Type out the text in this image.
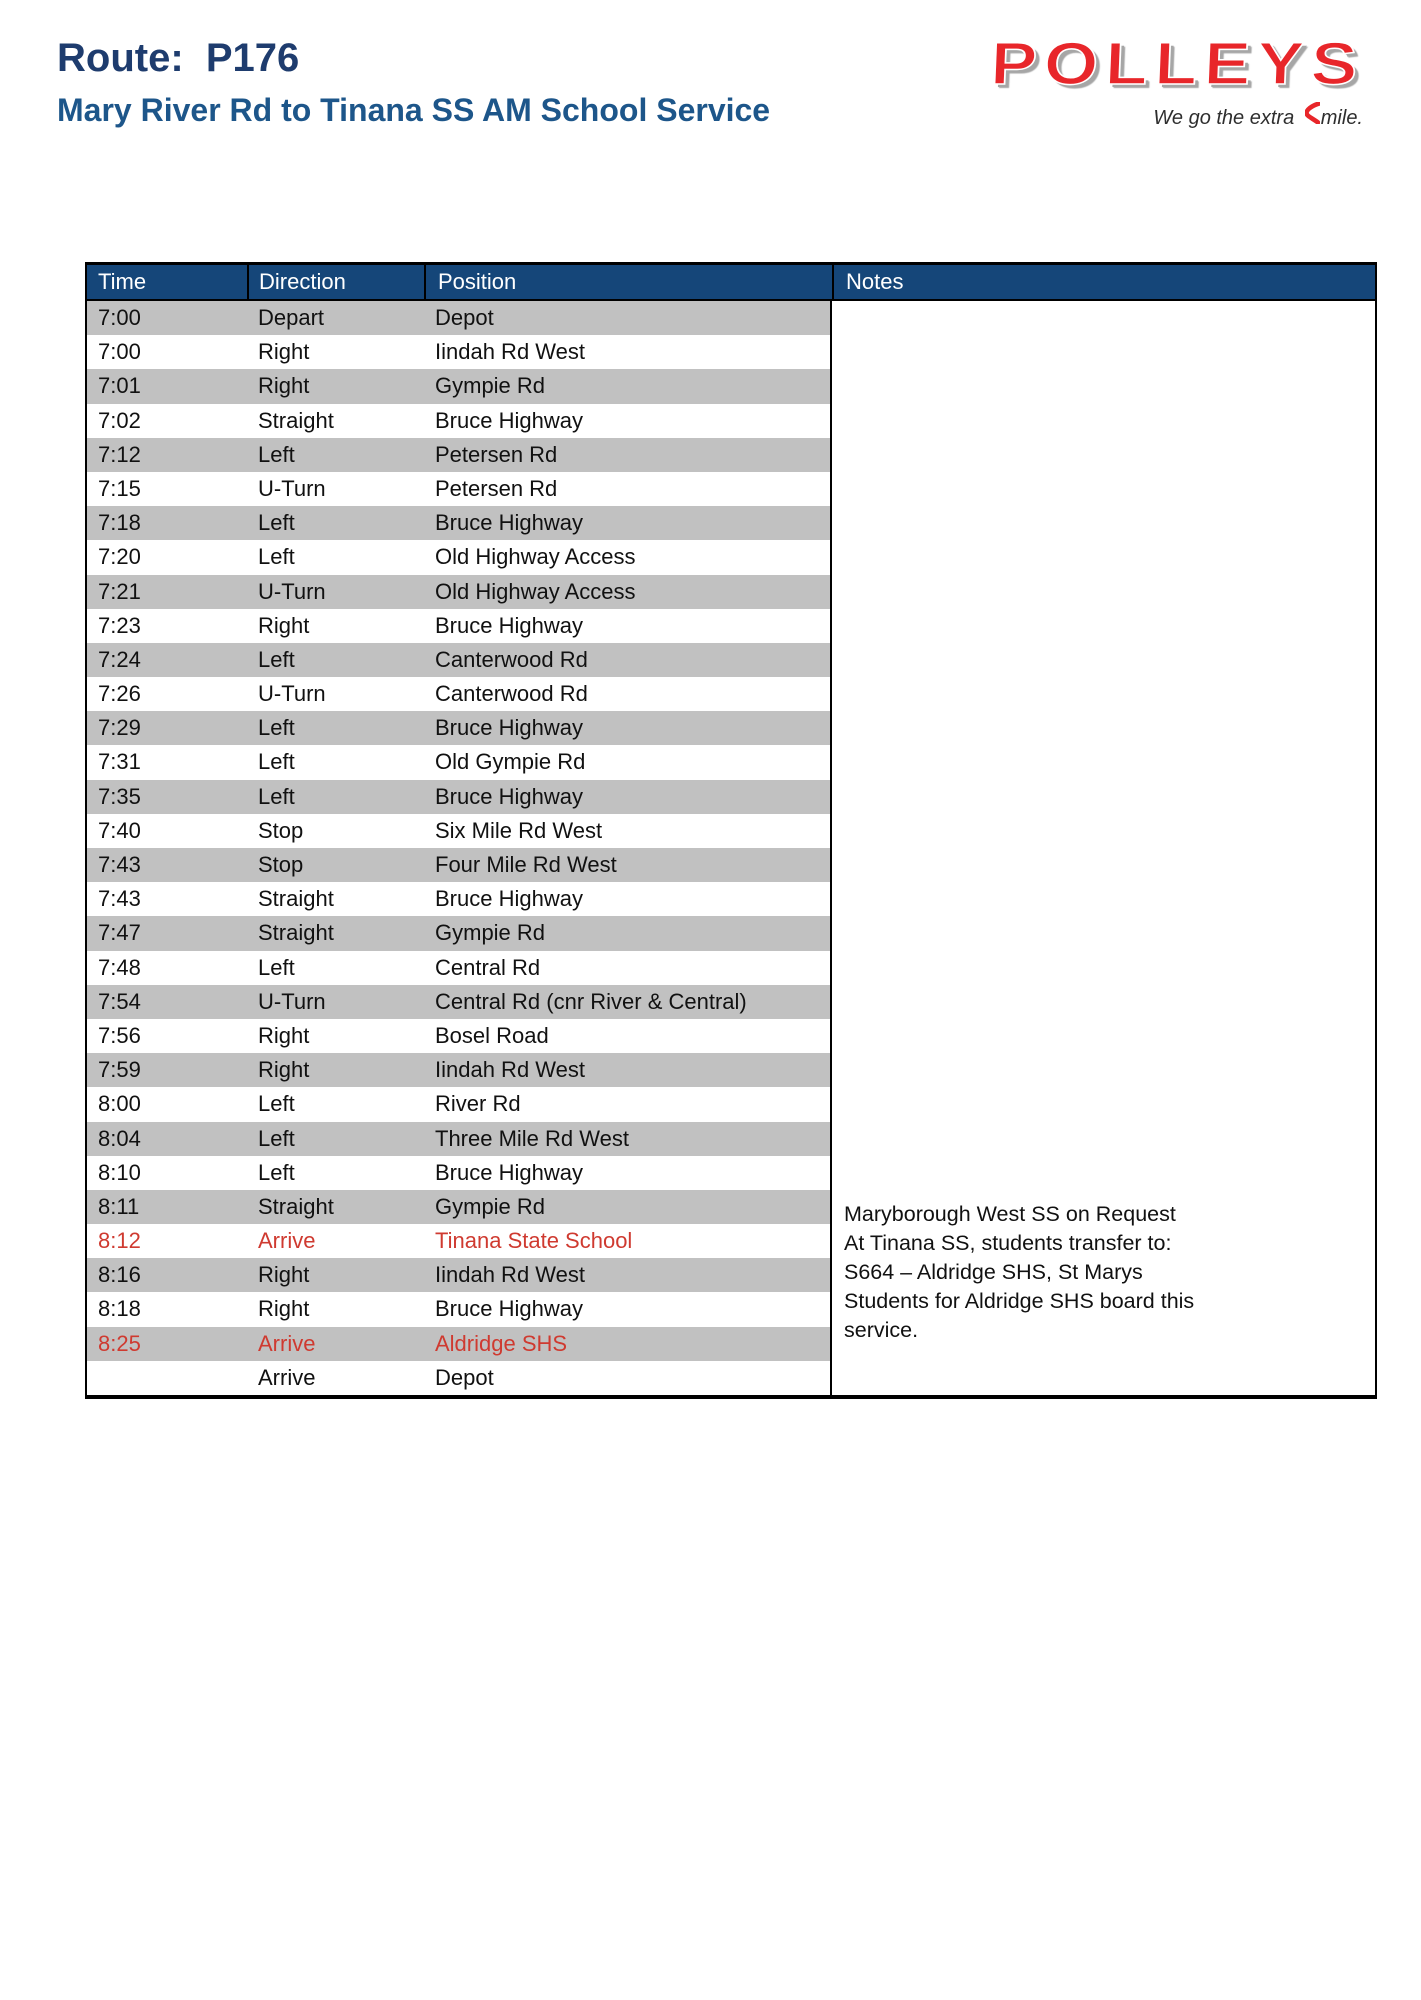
Route:  P176
Mary River Rd to Tinana SS AM School Service
POLLEYS
We go the extra mile.
Time	Direction	Position	Notes
7:00	Depart	Depot
7:00	Right	Iindah Rd West
7:01	Right	Gympie Rd
7:02	Straight	Bruce Highway
7:12	Left	Petersen Rd
7:15	U-Turn	Petersen Rd
7:18	Left	Bruce Highway
7:20	Left	Old Highway Access
7:21	U-Turn	Old Highway Access
7:23	Right	Bruce Highway
7:24	Left	Canterwood Rd
7:26	U-Turn	Canterwood Rd
7:29	Left	Bruce Highway
7:31	Left	Old Gympie Rd
7:35	Left	Bruce Highway
7:40	Stop	Six Mile Rd West
7:43	Stop	Four Mile Rd West
7:43	Straight	Bruce Highway
7:47	Straight	Gympie Rd
7:48	Left	Central Rd
7:54	U-Turn	Central Rd (cnr River & Central)
7:56	Right	Bosel Road
7:59	Right	Iindah Rd West
8:00	Left	River Rd
8:04	Left	Three Mile Rd West
8:10	Left	Bruce Highway
8:11	Straight	Gympie Rd
8:12	Arrive	Tinana State School
8:16	Right	Iindah Rd West
8:18	Right	Bruce Highway
8:25	Arrive	Aldridge SHS
Arrive	Depot
Maryborough West SS on Request
At Tinana SS, students transfer to:
S664 – Aldridge SHS, St Marys
Students for Aldridge SHS board this
service.
